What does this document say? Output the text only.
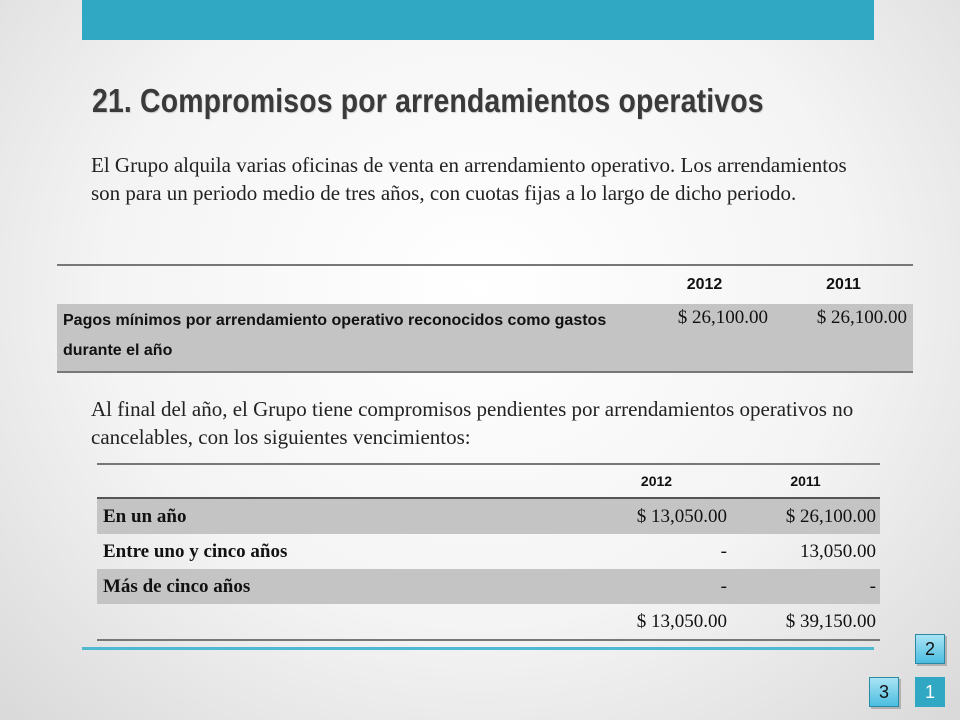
21. Compromisos por arrendamientos operativos

El Grupo alquila varias oficinas de venta en arrendamiento operativo. Los arrendamientos son para un periodo medio de tres años, con cuotas fijas a lo largo de dicho periodo.

	2012	2011
Pagos mínimos por arrendamiento operativo reconocidos como gastos durante el año	$ 26,100.00	$ 26,100.00

Al final del año, el Grupo tiene compromisos pendientes por arrendamientos operativos no cancelables, con los siguientes vencimientos:

	2012	2011
En un año	$ 13,050.00	$ 26,100.00
Entre uno y cinco años	-	13,050.00
Más de cinco años	-	-
	$ 13,050.00	$ 39,150.00
2
3	1
